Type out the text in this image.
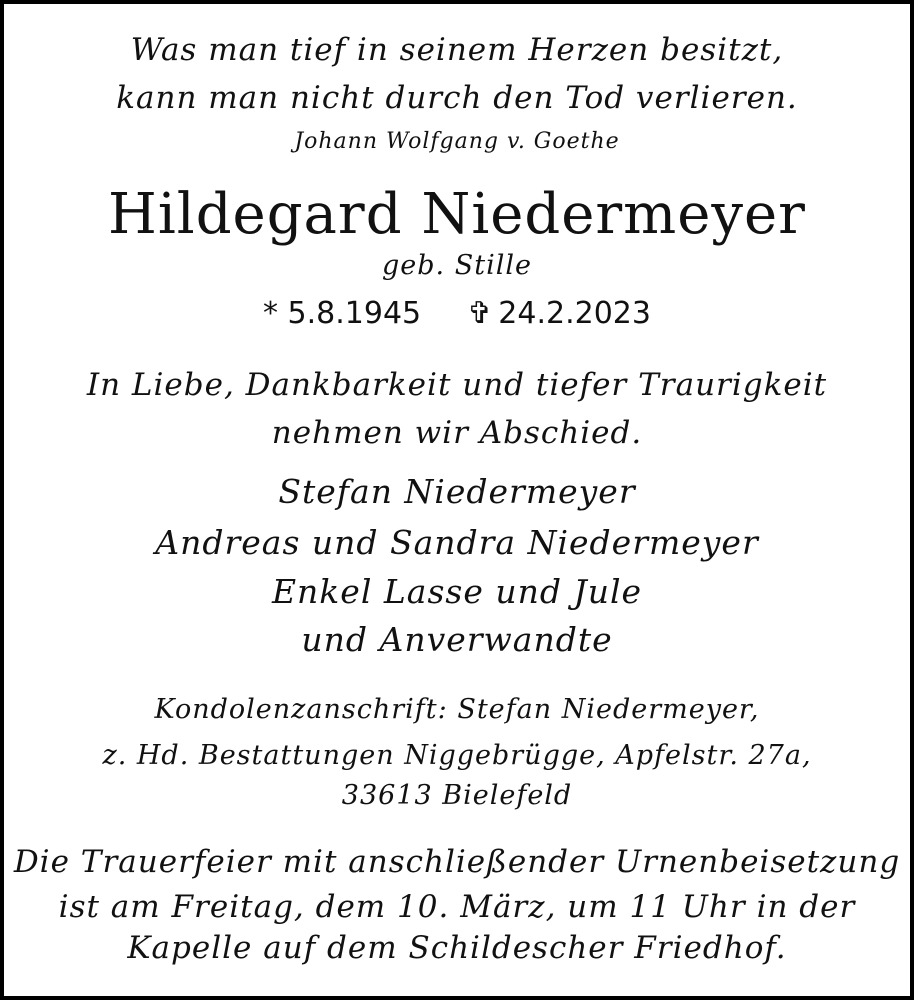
Was man tief in seinem Herzen besitzt,
kann man nicht durch den Tod verlieren.
Johann Wolfgang v. Goethe
Hildegard Niedermeyer
geb. Stille
* 5.8.1945 ✞ 24.2.2023
In Liebe, Dankbarkeit und tiefer Traurigkeit
nehmen wir Abschied.
Stefan Niedermeyer
Andreas und Sandra Niedermeyer
Enkel Lasse und Jule
und Anverwandte
Kondolenzanschrift: Stefan Niedermeyer,
z. Hd. Bestattungen Niggebrügge, Apfelstr. 27a,
33613 Bielefeld
Die Trauerfeier mit anschließender Urnenbeisetzung
ist am Freitag, dem 10. März, um 11 Uhr in der
Kapelle auf dem Schildescher Friedhof.
